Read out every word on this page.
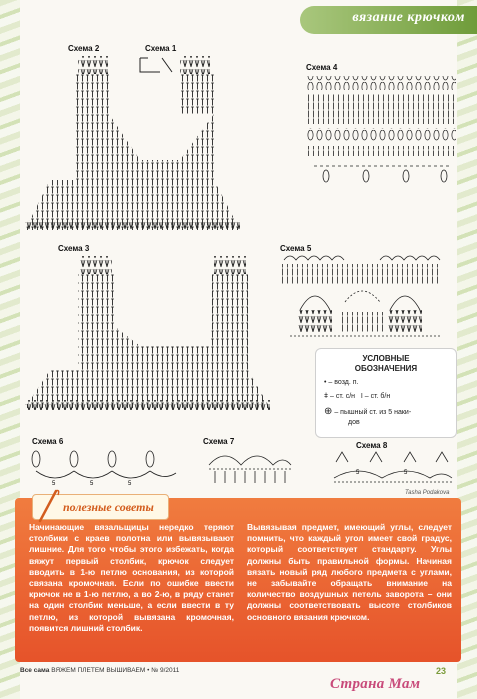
вязание крючком
Схема 2	Схема 1
Схема 4
Схема 3	Схема 5
Схема 6	Схема 7	Схема 8
УСЛОВНЫЕ
ОБОЗНАЧЕНИЯ
• – возд. п.
ǂ – ст. с/н I – ст. б/н
⊕ – пышный ст. из 5 наки-
дов
5	5	5
5	5
Tasha Podakova
полезные советы
Начинающие вязальщицы нередко теряют столбики с краев полотна или вывязывают лишние. Для того чтобы этого избежать, когда вяжут первый столбик, крючок следует вводить в 1-ю петлю основания, из которой связана кромочная. Если по ошибке ввести крючок не в 1-ю петлю, а во 2-ю, в ряду станет на один столбик меньше, а если ввести в ту петлю, из которой вывязана кромочная, появится лишний столбик.
Вывязывая предмет, имеющий углы, следует помнить, что каждый угол имеет свой градус, который соответствует стандарту. Углы должны быть правильной формы. Начиная вязать новый ряд любого предмета с углами, не забывайте обращать внимание на количество воздушных петель заворота – они должны соответствовать высоте столбиков основного вязания крючком.
Все сама ВЯЖЕМ ПЛЕТЕМ ВЫШИВАЕМ • № 9/2011	23
Страна Мам
